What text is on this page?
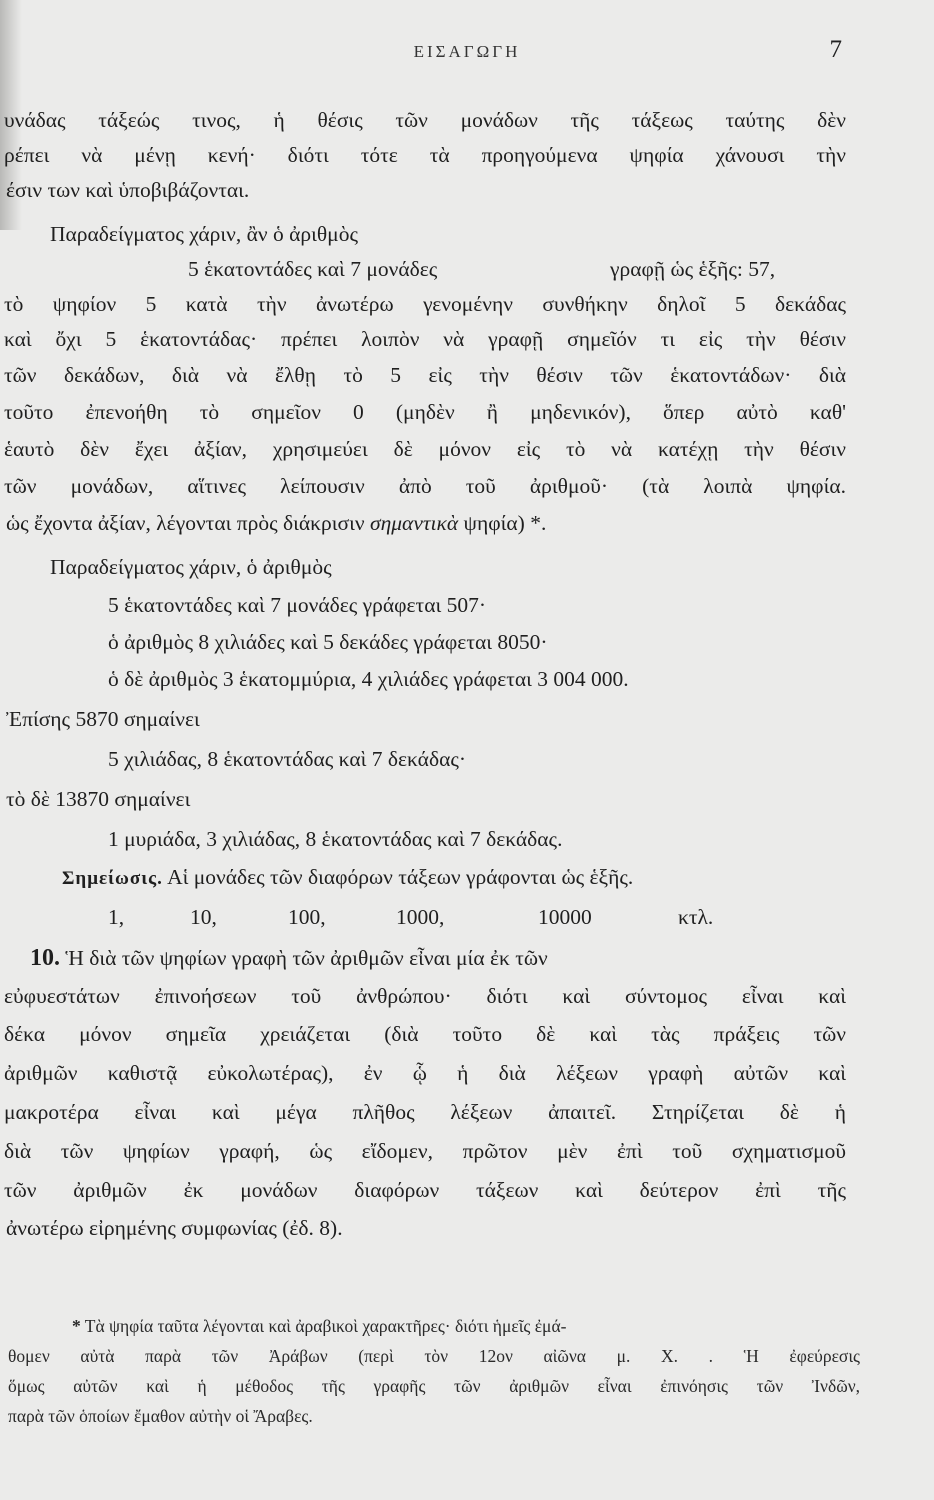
ΕΙΣΑΓΩΓΗ	7
υνάδας τάξεώς τινος, ἡ θέσις τῶν μονάδων τῆς τάξεως ταύτης δὲν
ρέπει νὰ μένῃ κενή· διότι τότε τὰ προηγούμενα ψηφία χάνουσι τὴν
έσιν των καὶ ὑποβιβάζονται.
Παραδείγματος χάριν, ἂν ὁ ἀριθμὸς
5 ἑκατοντάδες καὶ 7 μονάδες	γραφῇ ὡς ἑξῆς: 57,
τὸ ψηφίον 5 κατὰ τὴν ἀνωτέρω γενομένην συνθήκην δηλοῖ 5 δεκάδας
καὶ ὄχι 5 ἑκατοντάδας· πρέπει λοιπὸν νὰ γραφῇ σημεῖόν τι εἰς τὴν θέσιν
τῶν δεκάδων, διὰ νὰ ἔλθῃ τὸ 5 εἰς τὴν θέσιν τῶν ἑκατοντάδων· διὰ
τοῦτο ἐπενοήθη τὸ σημεῖον 0 (μηδὲν ἢ μηδενικόν), ὅπερ αὐτὸ καθ'
ἑαυτὸ δὲν ἔχει ἀξίαν, χρησιμεύει δὲ μόνον εἰς τὸ νὰ κατέχῃ τὴν θέσιν
τῶν μονάδων, αἵτινες λείπουσιν ἀπὸ τοῦ ἀριθμοῦ· (τὰ λοιπὰ ψηφία.
ὡς ἔχοντα ἀξίαν, λέγονται πρὸς διάκρισιν σημαντικὰ ψηφία) *.
Παραδείγματος χάριν, ὁ ἀριθμὸς
5 ἑκατοντάδες καὶ 7 μονάδες γράφεται 507·
ὁ ἀριθμὸς 8 χιλιάδες καὶ 5 δεκάδες γράφεται 8050·
ὁ δὲ ἀριθμὸς 3 ἑκατομμύρια, 4 χιλιάδες γράφεται 3 004 000.
Ἐπίσης 5870 σημαίνει
5 χιλιάδας, 8 ἑκατοντάδας καὶ 7 δεκάδας·
τὸ δὲ 13870 σημαίνει
1 μυριάδα, 3 χιλιάδας, 8 ἑκατοντάδας καὶ 7 δεκάδας.
Σημείωσις. Αἱ μονάδες τῶν διαφόρων τάξεων γράφονται ὡς ἑξῆς.
1,	10,	100,	1000,	10000	κτλ.
10. Ἡ διὰ τῶν ψηφίων γραφὴ τῶν ἀριθμῶν εἶναι μία ἐκ τῶν
εὐφυεστάτων ἐπινοήσεων τοῦ ἀνθρώπου· διότι καὶ σύντομος εἶναι καὶ
δέκα μόνον σημεῖα χρειάζεται (διὰ τοῦτο δὲ καὶ τὰς πράξεις τῶν
ἀριθμῶν καθιστᾷ εὐκολωτέρας), ἐν ᾧ ἡ διὰ λέξεων γραφὴ αὐτῶν καὶ
μακροτέρα εἶναι καὶ μέγα πλῆθος λέξεων ἀπαιτεῖ. Στηρίζεται δὲ ἡ
διὰ τῶν ψηφίων γραφή, ὡς εἴδομεν, πρῶτον μὲν ἐπὶ τοῦ σχηματισμοῦ
τῶν ἀριθμῶν ἐκ μονάδων διαφόρων τάξεων καὶ δεύτερον ἐπὶ τῆς
ἀνωτέρω εἰρημένης συμφωνίας (ἐδ. 8).
* Τὰ ψηφία ταῦτα λέγονται καὶ ἀραβικοὶ χαρακτῆρες· διότι ἡμεῖς ἐμά-
θομεν αὐτὰ παρὰ τῶν Ἀράβων (περὶ τὸν 12ον αἰῶνα μ. Χ. . Ἡ ἐφεύρεσις
ὅμως αὐτῶν καὶ ἡ μέθοδος τῆς γραφῆς τῶν ἀριθμῶν εἶναι ἐπινόησις τῶν Ἰνδῶν,
παρὰ τῶν ὁποίων ἔμαθον αὐτὴν οἱ Ἄραβες.
